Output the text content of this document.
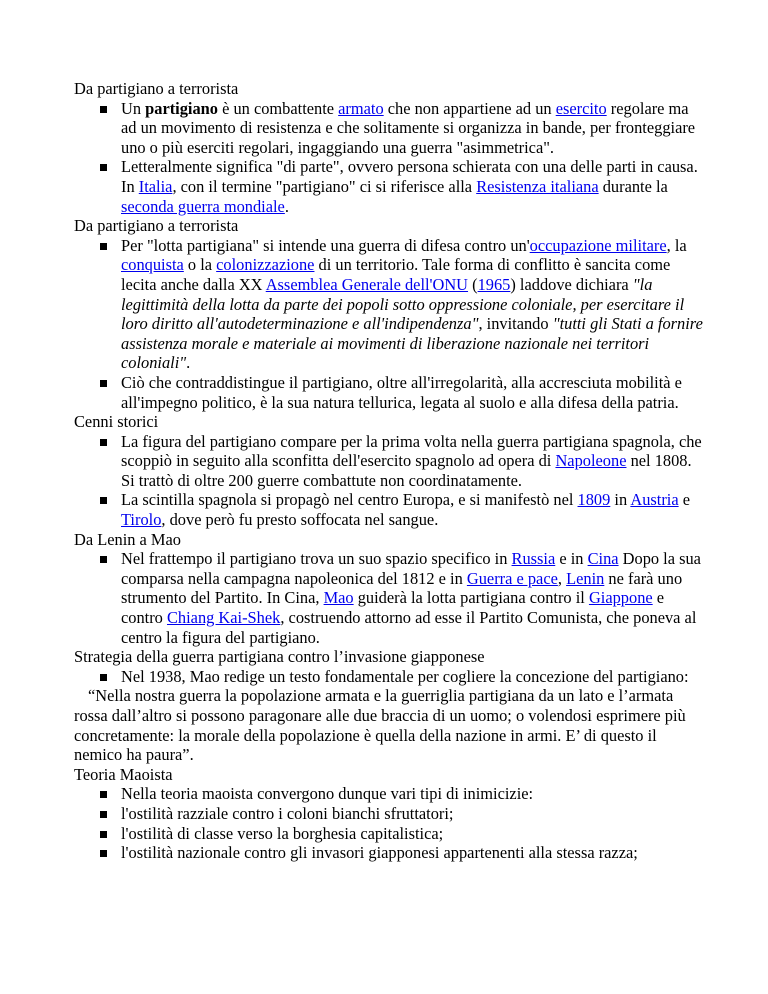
Da partigiano a terrorista

Un partigiano è un combattente armato che non appartiene ad un esercito regolare ma ad un movimento di resistenza e che solitamente si organizza in bande, per fronteggiare uno o più eserciti regolari, ingaggiando una guerra "asimmetrica".
Letteralmente significa "di parte", ovvero persona schierata con una delle parti in causa. In Italia, con il termine "partigiano" ci si riferisce alla Resistenza italiana durante la seconda guerra mondiale.

Da partigiano a terrorista

Per "lotta partigiana" si intende una guerra di difesa contro un'occupazione militare, la conquista o la colonizzazione di un territorio. Tale forma di conflitto è sancita come lecita anche dalla XX Assemblea Generale dell'ONU (1965) laddove dichiara "la legittimità della lotta da parte dei popoli sotto oppressione coloniale, per esercitare il loro diritto all'autodeterminazione e all'indipendenza", invitando "tutti gli Stati a fornire assistenza morale e materiale ai movimenti di liberazione nazionale nei territori coloniali".
Ciò che contraddistingue il partigiano, oltre all'irregolarità, alla accresciuta mobilità e all'impegno politico, è la sua natura tellurica, legata al suolo e alla difesa della patria.

Cenni storici

La figura del partigiano compare per la prima volta nella guerra partigiana spagnola, che scoppiò in seguito alla sconfitta dell'esercito spagnolo ad opera di Napoleone nel 1808. Si trattò di oltre 200 guerre combattute non coordinatamente.
La scintilla spagnola si propagò nel centro Europa, e si manifestò nel 1809 in Austria e Tirolo, dove però fu presto soffocata nel sangue.

Da Lenin a Mao

Nel frattempo il partigiano trova un suo spazio specifico in Russia e in Cina Dopo la sua comparsa nella campagna napoleonica del 1812 e in Guerra e pace, Lenin ne farà uno strumento del Partito. In Cina, Mao guiderà la lotta partigiana contro il Giappone e contro Chiang Kai-Shek, costruendo attorno ad esse il Partito Comunista, che poneva al centro la figura del partigiano.

Strategia della guerra partigiana contro l’invasione giapponese

Nel 1938, Mao redige un testo fondamentale per cogliere la concezione del partigiano:

“Nella nostra guerra la popolazione armata e la guerriglia partigiana da un lato e l’armata rossa dall’altro si possono paragonare alle due braccia di un uomo; o volendosi esprimere più concretamente: la morale della popolazione è quella della nazione in armi. E’ di questo il nemico ha paura”.

Teoria Maoista

Nella teoria maoista convergono dunque vari tipi di inimicizie:
l'ostilità razziale contro i coloni bianchi sfruttatori;
l'ostilità di classe verso la borghesia capitalistica;
l'ostilità nazionale contro gli invasori giapponesi appartenenti alla stessa razza;
